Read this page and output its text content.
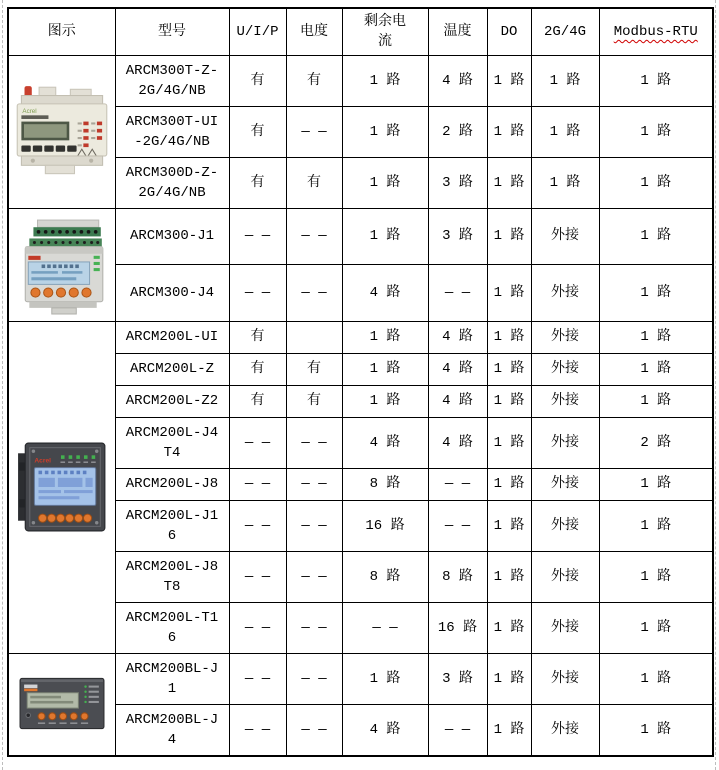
图示	型号	U/I/P	电度	剩余电流	温度	DO	2G/4G	Modbus-RTU

Acrel	ARCM300T-Z-2G/4G/NB	有	有	1 路	4 路	1 路	1 路	1 路
	ARCM300T-UI-2G/4G/NB	有	— —	1 路	2 路	1 路	1 路	1 路
	ARCM300D-Z-2G/4G/NB	有	有	1 路	3 路	1 路	1 路	1 路

	ARCM300-J1	— —	— —	1 路	3 路	1 路	外接	1 路
	ARCM300-J4	— —	— —	4 路	— —	1 路	外接	1 路

Acrel	ARCM200L-UI	有		1 路	4 路	1 路	外接	1 路
	ARCM200L-Z	有	有	1 路	4 路	1 路	外接	1 路
	ARCM200L-Z2	有	有	1 路	4 路	1 路	外接	1 路
	ARCM200L-J4T4	— —	— —	4 路	4 路	1 路	外接	2 路
	ARCM200L-J8	— —	— —	8 路	— —	1 路	外接	1 路
	ARCM200L-J16	— —	— —	16 路	— —	1 路	外接	1 路
	ARCM200L-J8T8	— —	— —	8 路	8 路	1 路	外接	1 路
	ARCM200L-T16	— —	— —	— —	16 路	1 路	外接	1 路

	ARCM200BL-J1	— —	— —	1 路	3 路	1 路	外接	1 路
	ARCM200BL-J4	— —	— —	4 路	— —	1 路	外接	1 路
